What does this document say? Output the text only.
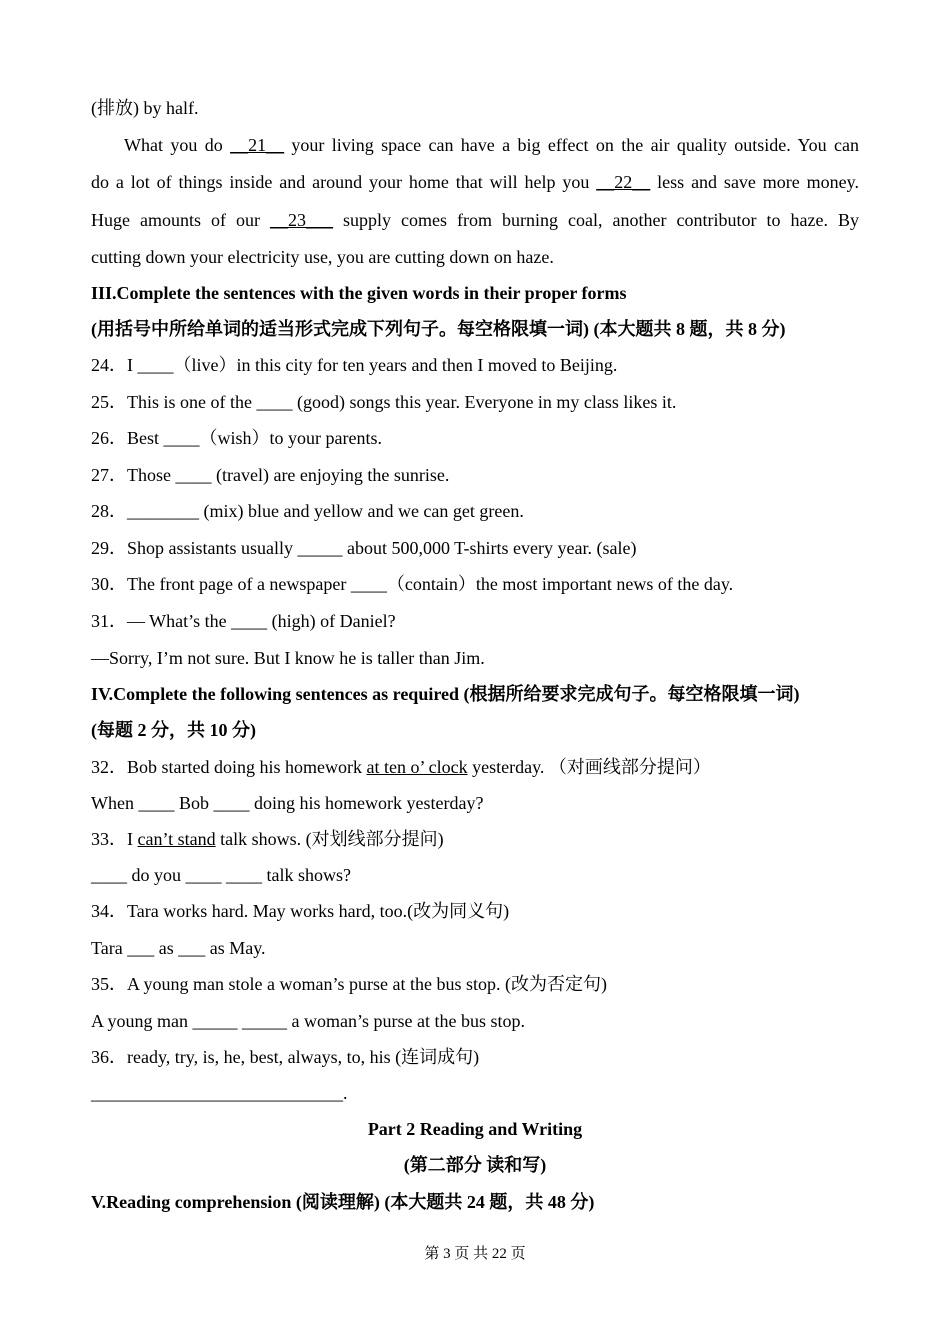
(排放) by half.
What you do __21__ your living space can have a big effect on the air quality outside. You can
do a lot of things inside and around your home that will help you __22__ less and save more money.
Huge amounts of our __23___ supply comes from burning coal, another contributor to haze. By
cutting down your electricity use, you are cutting down on haze.
III.Complete the sentences with the given words in their proper forms
(用括号中所给单词的适当形式完成下列句子。每空格限填一词) (本大题共 8 题，共 8 分)
24．I ____（live）in this city for ten years and then I moved to Beijing.
25．This is one of the ____ (good) songs this year. Everyone in my class likes it.
26．Best ____（wish）to your parents.
27．Those ____ (travel) are enjoying the sunrise.
28．________ (mix) blue and yellow and we can get green.
29．Shop assistants usually _____ about 500,000 T-shirts every year. (sale)
30．The front page of a newspaper ____（contain）the most important news of the day.
31．— What’s the ____ (high) of Daniel?
—Sorry, I’m not sure. But I know he is taller than Jim.
IV.Complete the following sentences as required (根据所给要求完成句子。每空格限填一词)
(每题 2 分，共 10 分)
32．Bob started doing his homework at ten o’ clock yesterday. （对画线部分提问）
When ____ Bob ____ doing his homework yesterday?
33．I can’t stand talk shows. (对划线部分提问)
____ do you ____ ____ talk shows?
34．Tara works hard. May works hard, too.(改为同义句)
Tara ___ as ___ as May.
35．A young man stole a woman’s purse at the bus stop. (改为否定句)
A young man _____ _____ a woman’s purse at the bus stop.
36．ready, try, is, he, best, always, to, his (连词成句)
____________________________.
Part 2 Reading and Writing
(第二部分 读和写)
V.Reading comprehension (阅读理解) (本大题共 24 题，共 48 分)
第 3 页 共 22 页
